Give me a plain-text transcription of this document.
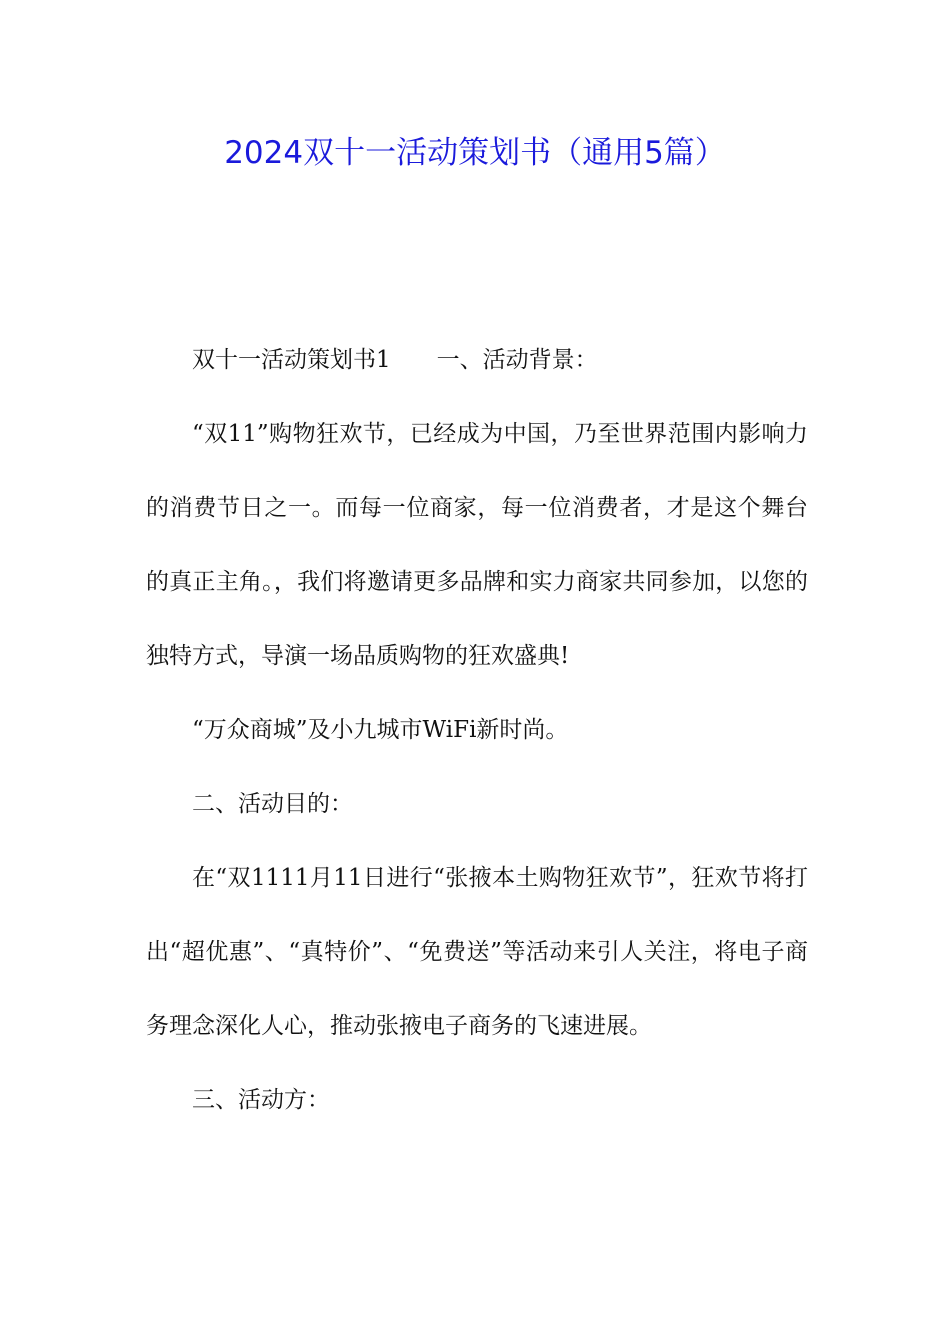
2024双十一活动策划书（通用5篇）

双十一活动策划书1 一、活动背景：

“双11”购物狂欢节，已经成为中国，乃至世界范围内影响力的消费节日之一。而每一位商家，每一位消费者，才是这个舞台的真正主角。，我们将邀请更多品牌和实力商家共同参加，以您的独特方式，导演一场品质购物的狂欢盛典!

“万众商城”及小九城市WiFi新时尚。

二、活动目的：

在“双1111月11日进行“张掖本土购物狂欢节”，狂欢节将打出“超优惠”、“真特价”、“免费送”等活动来引人关注，将电子商务理念深化人心，推动张掖电子商务的飞速进展。

三、活动方：
